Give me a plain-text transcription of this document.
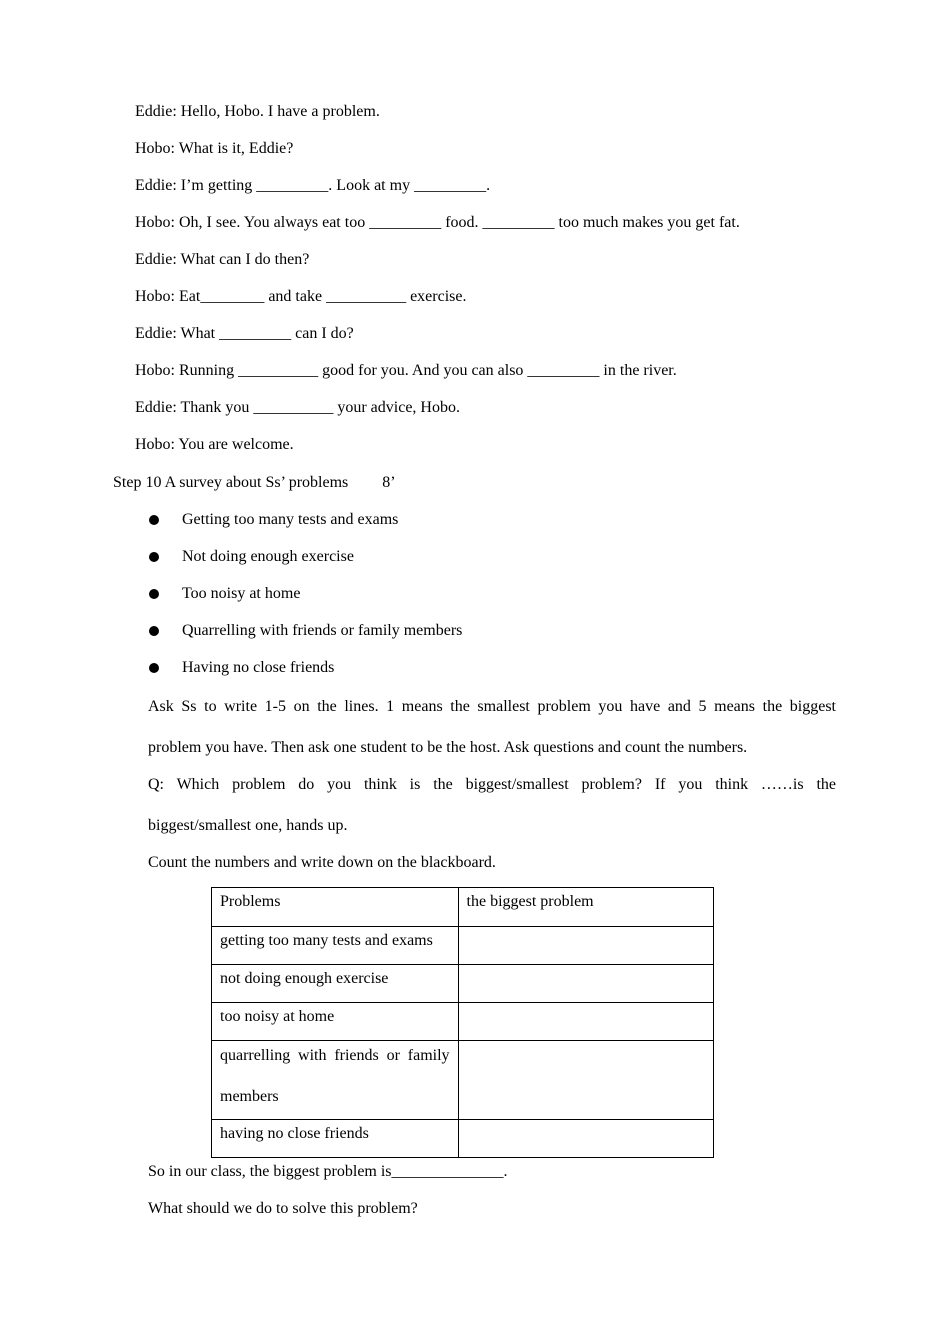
Eddie: Hello, Hobo. I have a problem.
Hobo: What is it, Eddie?
Eddie: I’m getting _________. Look at my _________.
Hobo: Oh, I see. You always eat too _________ food. _________ too much makes you get fat.
Eddie: What can I do then?
Hobo: Eat________ and take __________ exercise.
Eddie: What _________ can I do?
Hobo: Running __________ good for you. And you can also _________ in the river.
Eddie: Thank you __________ your advice, Hobo.
Hobo: You are welcome.
Step 10 A survey about Ss’ problems 8’
Getting too many tests and exams
Not doing enough exercise
Too noisy at home
Quarrelling with friends or family members
Having no close friends
Ask Ss to write 1-5 on the lines. 1 means the smallest problem you have and 5 means the biggest
problem you have. Then ask one student to be the host. Ask questions and count the numbers.
Q: Which problem do you think is the biggest/smallest problem? If you think ……is the
biggest/smallest one, hands up.
Count the numbers and write down on the blackboard.
Problems	the biggest problem
getting too many tests and exams	
not doing enough exercise	
too noisy at home	

quarrelling with friends or family members	

having no close friends	
So in our class, the biggest problem is______________.
What should we do to solve this problem?
